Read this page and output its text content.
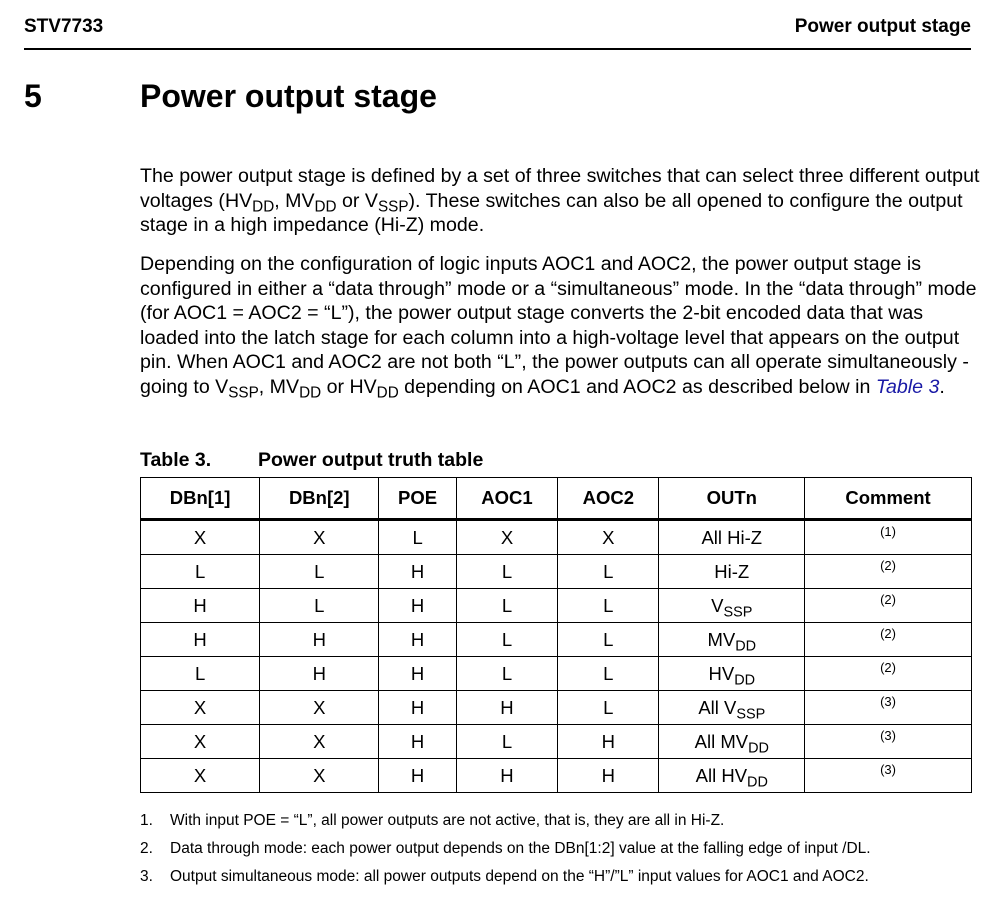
STV7733	Power output stage
5	Power output stage

The power output stage is defined by a set of three switches that can select three different output voltages ($HV_{DD}$, $MV_{DD}$ or $V_{SSP}$). These switches can also be all opened to configure the output stage in a high impedance (Hi-Z) mode.

Depending on the configuration of logic inputs AOC1 and AOC2, the power output stage is configured in either a “data through” mode or a “simultaneous” mode. In the “data through” mode (for AOC1 = AOC2 = “L”), the power output stage converts the 2-bit encoded data that was loaded into the latch stage for each column into a high-voltage level that appears on the output pin. When AOC1 and AOC2 are not both “L”, the power outputs can all operate simultaneously - going to $V_{SSP}$, $MV_{DD}$ or $HV_{DD}$ depending on AOC1 and AOC2 as described below in Table 3.

Table 3. Power output truth table
DBn[1]	DBn[2]	POE	AOC1	AOC2	OUTn	Comment
X	X	L	X	X	All Hi-Z	(1)

L	L	H	L	L	Hi-Z	(2)

H	L	H	L	L	$V_{SSP}$	(2)

H	H	H	L	L	$MV_{DD}$	(2)

L	H	H	L	L	$HV_{DD}$	(2)

X	X	H	H	L	All $V_{SSP}$	(3)

X	X	H	L	H	All $MV_{DD}$	(3)

X	X	H	H	H	All $HV_{DD}$	(3)
1.	With input POE = “L”, all power outputs are not active, that is, they are all in Hi-Z.
2.	Data through mode: each power output depends on the DBn[1:2] value at the falling edge of input /DL.
3.	Output simultaneous mode: all power outputs depend on the “H”/”L” input values for AOC1 and AOC2.
